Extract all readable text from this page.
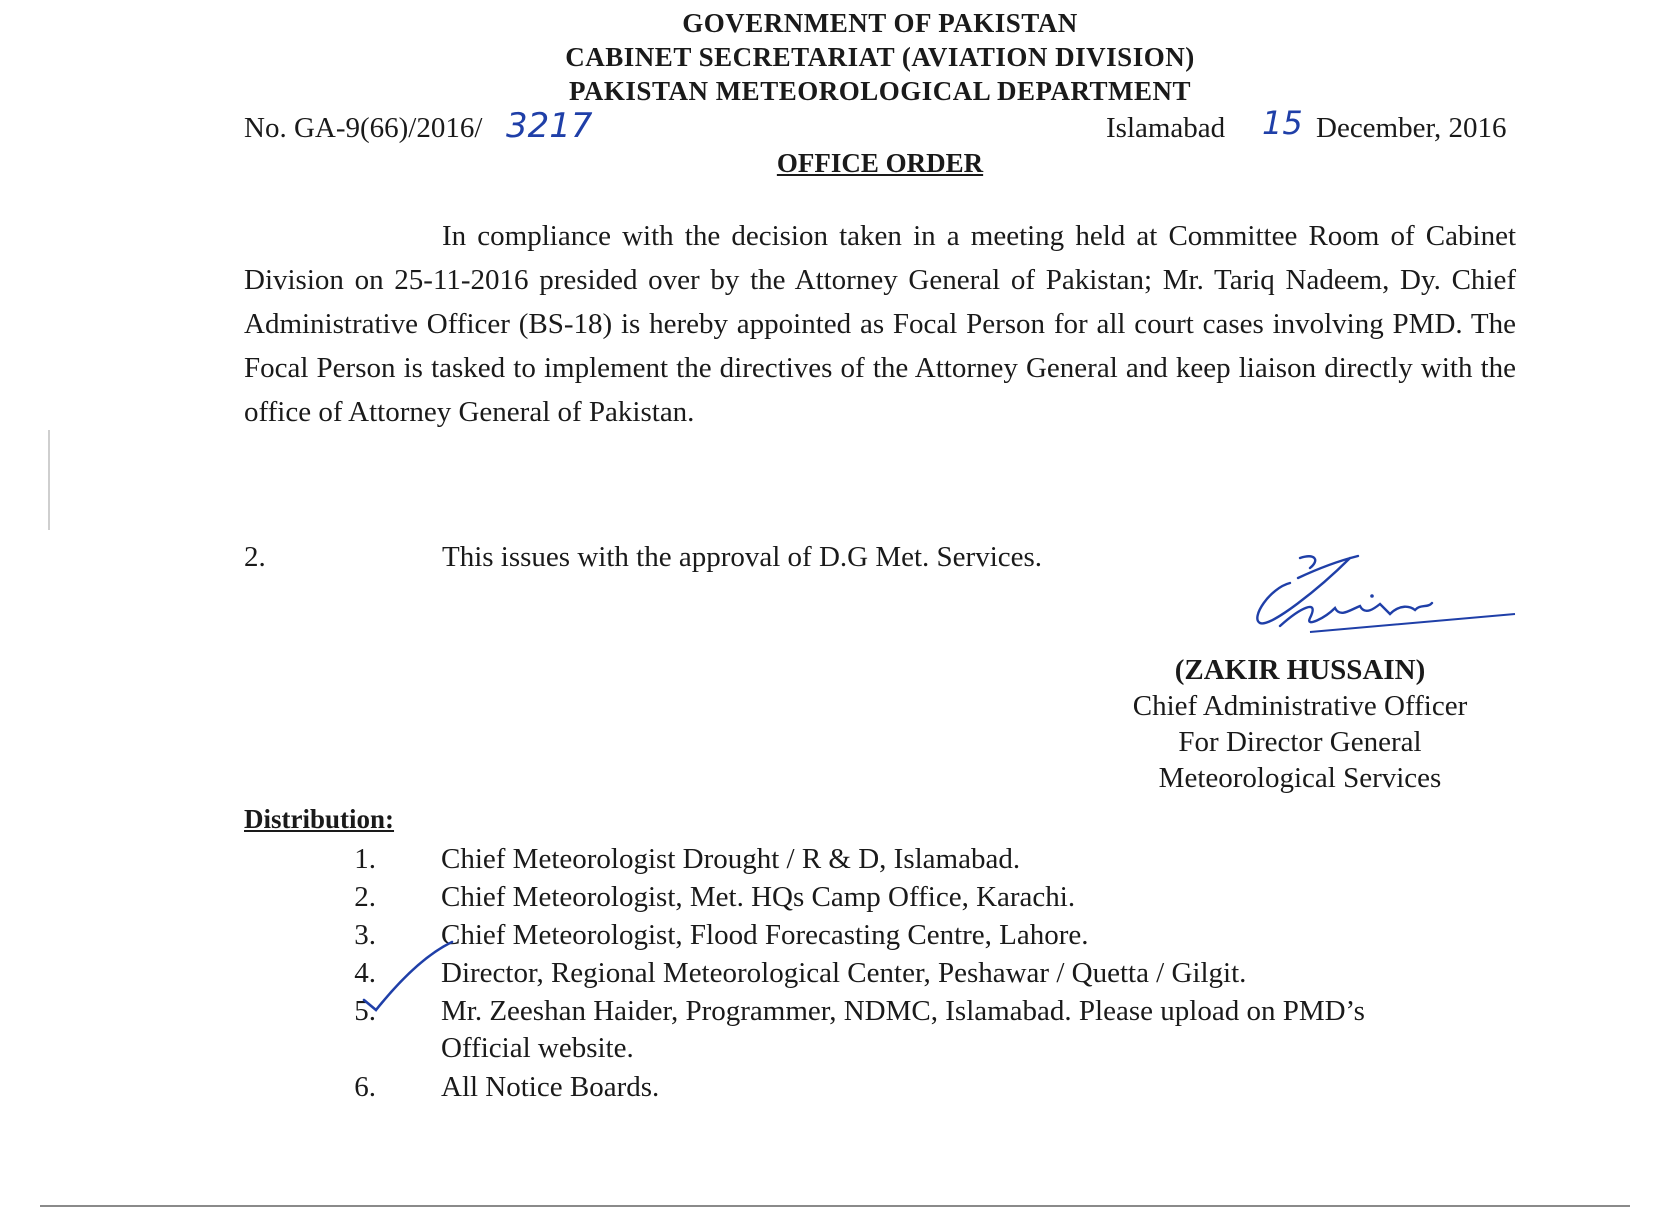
GOVERNMENT OF PAKISTAN
CABINET SECRETARIAT (AVIATION DIVISION)
PAKISTAN METEOROLOGICAL DEPARTMENT
No. GA-9(66)/2016/ 3217	Islamabad 15 December, 2016
OFFICE ORDER

In compliance with the decision taken in a meeting held at Committee Room of Cabinet Division on 25-11-2016 presided over by the Attorney General of Pakistan; Mr. Tariq Nadeem, Dy. Chief Administrative Officer (BS-18) is hereby appointed as Focal Person for all court cases involving PMD. The Focal Person is tasked to implement the directives of the Attorney General and keep liaison directly with the office of Attorney General of Pakistan.

2.	This issues with the approval of D.G Met. Services.
(ZAKIR HUSSAIN)
Chief Administrative Officer
For Director General
Meteorological Services
Distribution:
1. Chief Meteorologist Drought / R & D, Islamabad.
2. Chief Meteorologist, Met. HQs Camp Office, Karachi.
3. Chief Meteorologist, Flood Forecasting Centre, Lahore.
4. Director, Regional Meteorological Center, Peshawar / Quetta / Gilgit.
5. Mr. Zeeshan Haider, Programmer, NDMC, Islamabad. Please upload on PMD’s
Official website.
6. All Notice Boards.
